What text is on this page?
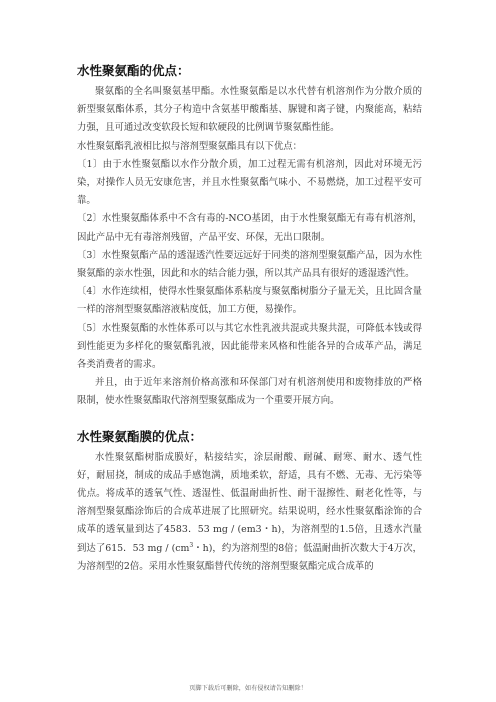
水性聚氨酯的优点：

聚氨酯的全名叫聚氨基甲酯。水性聚氨酯是以水代替有机溶剂作为分散介质的新型聚氨酯体系，其分子构造中含氨基甲酸酯基、脲键和离子键，内聚能高，粘结力强，且可通过改变软段长短和软硬段的比例调节聚氨酯性能。

水性聚氨酯乳液相比拟与溶剂型聚氨酯具有以下优点：

〔1〕由于水性聚氨酯以水作分散介质，加工过程无需有机溶剂，因此对环境无污染，对操作人员无安康危害，并且水性聚氨酯气味小、不易燃烧，加工过程平安可靠。

〔2〕水性聚氨酯体系中不含有毒的-NCO基团，由于水性聚氨酯无有毒有机溶剂，因此产品中无有毒溶剂残留，产品平安、环保，无出口限制。

〔3〕水性聚氨酯产品的透湿透汽性要远远好于同类的溶剂型聚氨酯产品，因为水性聚氨酯的亲水性强，因此和水的结合能力强，所以其产品具有很好的透湿透汽性。

〔4〕水作连续相，使得水性聚氨酯体系粘度与聚氨酯树脂分子量无关，且比固含量一样的溶剂型聚氨酯溶液粘度低，加工方便，易操作。

〔5〕水性聚氨酯的水性体系可以与其它水性乳液共混或共聚共混，可降低本钱或得到性能更为多样化的聚氨酯乳液，因此能带来风格和性能各异的合成革产品，满足各类消费者的需求。

并且，由于近年来溶剂价格高涨和环保部门对有机溶剂使用和废物排放的严格限制，使水性聚氨酯取代溶剂型聚氨酯成为一个重要开展方向。

水性聚氨酯膜的优点：

水性聚氨酯树脂成膜好，粘接结实，涂层耐酸、耐碱、耐寒、耐水、透气性好，耐屈挠，制成的成品手感饱满，质地柔软，舒适，具有不燃、无毒、无污染等优点。将成革的透氧气性、透湿性、低温耐曲折性、耐干湿擦性、耐老化性等，与溶剂型聚氨酯涂饰后的合成革进展了比照研究。结果说明，经水性聚氨酯涂饰的合成革的透氧量到达了4583．53 mg / (em3・h)，为溶剂型的1.5倍，且透水汽量到达了615．53 mg / ($cm^3$・h)，约为溶剂型的8倍；低温耐曲折次数大于4万次，为溶剂型的2倍。采用水性聚氨酯替代传统的溶剂型聚氨酯完成合成革的

页脚下载后可删除，如有侵权请告知删除！
